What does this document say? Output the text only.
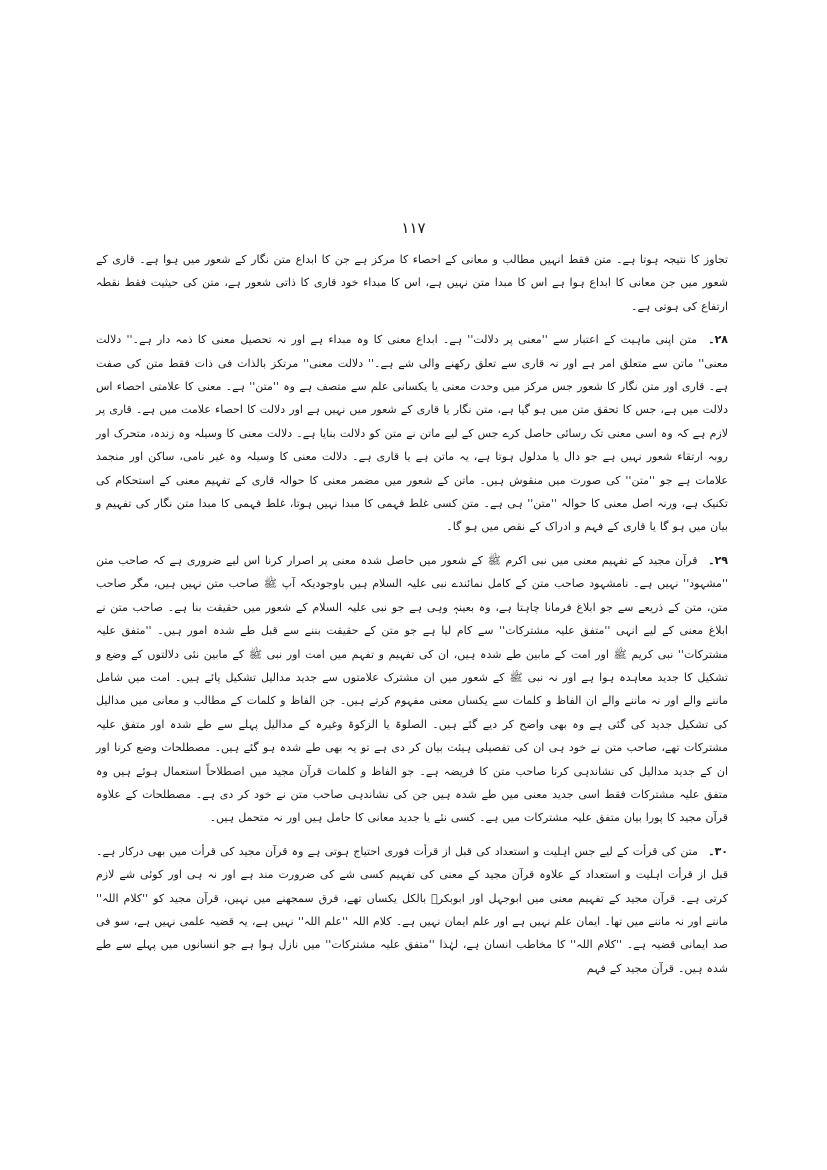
۱۱۷

تجاوز کا نتیجہ ہوتا ہے۔ متن فقط انہیں مطالب و معانی کے احصاء کا مرکز ہے جن کا ابداع متن نگار کے شعور میں ہوا ہے۔ قاری کے شعور میں جن معانی کا ابداع ہوا ہے اس کا مبدا متن نہیں ہے، اس کا مبداء خود قاری کا ذاتی شعور ہے، متن کی حیثیت فقط نقطہ ارتفاع کی ہوتی ہے۔

۲۸۔ متن اپنی ماہیت کے اعتبار سے ''معنی پر دلالت'' ہے۔ ابداع معنی کا وہ مبداء ہے اور نہ تحصیل معنی کا ذمہ دار ہے۔'' دلالت معنی'' ماتن سے متعلق امر ہے اور نہ قاری سے تعلق رکھنے والی شے ہے۔'' دلالت معنی'' مرتکز بالذات فی ذات فقط متن کی صفت ہے۔ قاری اور متن نگار کا شعور جس مرکز میں وحدت معنی یا یکسانی علم سے متصف ہے وہ ''متن'' ہے۔ معنی کا علامتی احصاء اس دلالت میں ہے، جس کا تحقق متن میں ہو گیا ہے، متن نگار یا قاری کے شعور میں نہیں ہے اور دلالت کا احصاء علامت میں ہے۔ قاری پر لازم ہے کہ وہ اسی معنی تک رسائی حاصل کرے جس کے لیے ماتن نے متن کو دلالت بنایا ہے۔ دلالت معنی کا وسیلہ وہ زندہ، متحرک اور روبہ ارتقاء شعور نہیں ہے جو دال یا مدلول ہوتا ہے، یہ ماتن ہے یا قاری ہے۔ دلالت معنی کا وسیلہ وہ غیر نامی، ساکن اور منجمد علامات ہے جو ''متن'' کی صورت میں منقوش ہیں۔ ماتن کے شعور میں مضمر معنی کا حوالہ قاری کے تفہیم معنی کے استحکام کی تکنیک ہے، ورنہ اصل معنی کا حوالہ ''متن'' ہی ہے۔ متن کسی غلط فہمی کا مبدا نہیں ہوتا، غلط فہمی کا مبدا متن نگار کی تفہیم و بیان میں ہو گا یا قاری کے فہم و ادراک کے نقص میں ہو گا۔

۲۹۔ قرآن مجید کے تفہیم معنی میں نبی اکرم ﷺ کے شعور میں حاصل شدہ معنی پر اصرار کرنا اس لیے ضروری ہے کہ صاحب متن ''مشہود'' نہیں ہے۔ نامشہود صاحب متن کے کامل نمائندے نبی علیہ السلام ہیں باوجودیکہ آپ ﷺ صاحب متن نہیں ہیں، مگر صاحب متن، متن کے ذریعے سے جو ابلاغ فرمانا چاہتا ہے، وہ بعینہٖ وہی ہے جو نبی علیہ السلام کے شعور میں حقیقت بنا ہے۔ صاحب متن نے ابلاغ معنی کے لیے انہی ''متفق علیہ مشترکات'' سے کام لیا ہے جو متن کے حقیقت بننے سے قبل طے شدہ امور ہیں۔ ''متفق علیہ مشترکات'' نبی کریم ﷺ اور امت کے مابین طے شدہ ہیں، ان کی تفہیم و تفہم میں امت اور نبی ﷺ کے مابین نئی دلالتوں کے وضع و تشکیل کا جدید معاہدہ ہوا ہے اور نہ نبی ﷺ کے شعور میں ان مشترک علامتوں سے جدید مدالیل تشکیل پائے ہیں۔ امت میں شامل ماننے والے اور نہ ماننے والے ان الفاظ و کلمات سے یکساں معنی مفہوم کرتے ہیں۔ جن الفاظ و کلمات کے مطالب و معانی میں مدالیل کی تشکیل جدید کی گئی ہے وہ بھی واضح کر دیے گئے ہیں۔ الصلوۃ یا الزکوۃ وغیرہ کے مدالیل پہلے سے طے شدہ اور متفق علیہ مشترکات تھے، صاحب متن نے خود ہی ان کی تفصیلی ہیئت بیان کر دی ہے تو یہ بھی طے شدہ ہو گئے ہیں۔ مصطلحات وضع کرنا اور ان کے جدید مدالیل کی نشاندہی کرنا صاحب متن کا فریضہ ہے۔ جو الفاظ و کلمات قرآن مجید میں اصطلاحاً استعمال ہوئے ہیں وہ متفق علیہ مشترکات فقط اسی جدید معنی میں طے شدہ ہیں جن کی نشاندہی صاحب متن نے خود کر دی ہے۔ مصطلحات کے علاوہ قرآن مجید کا پورا بیان متفق علیہ مشترکات میں ہے۔ کسی نئے یا جدید معانی کا حامل ہیں اور نہ متحمل ہیں۔

۳۰۔ متن کی قرأت کے لیے جس اہلیت و استعداد کی قبل از قرأت فوری احتیاج ہوتی ہے وہ قرآن مجید کی قرأت میں بھی درکار ہے۔ قبل از قرأت اہلیت و استعداد کے علاوہ قرآن مجید کے معنی کی تفہیم کسی شے کی ضرورت مند ہے اور نہ ہی اور کوئی شے لازم کرتی ہے۔ قرآن مجید کے تفہیم معنی میں ابوجہل اور ابوبکرؓ بالکل یکساں تھے، فرق سمجھنے میں نہیں، قرآن مجید کو ''کلام اللہ'' ماننے اور نہ ماننے میں تھا۔ ایمان علم نہیں ہے اور علم ایمان نہیں ہے۔ کلام اللہ ''علم اللہ'' نہیں ہے، یہ قضیہ علمی نہیں ہے، سو فی صد ایمانی قضیہ ہے۔ ''کلام اللہ'' کا مخاطب انسان ہے، لہٰذا ''متفق علیہ مشترکات'' میں نازل ہوا ہے جو انسانوں میں پہلے سے طے شدہ ہیں۔ قرآن مجید کے فہم
